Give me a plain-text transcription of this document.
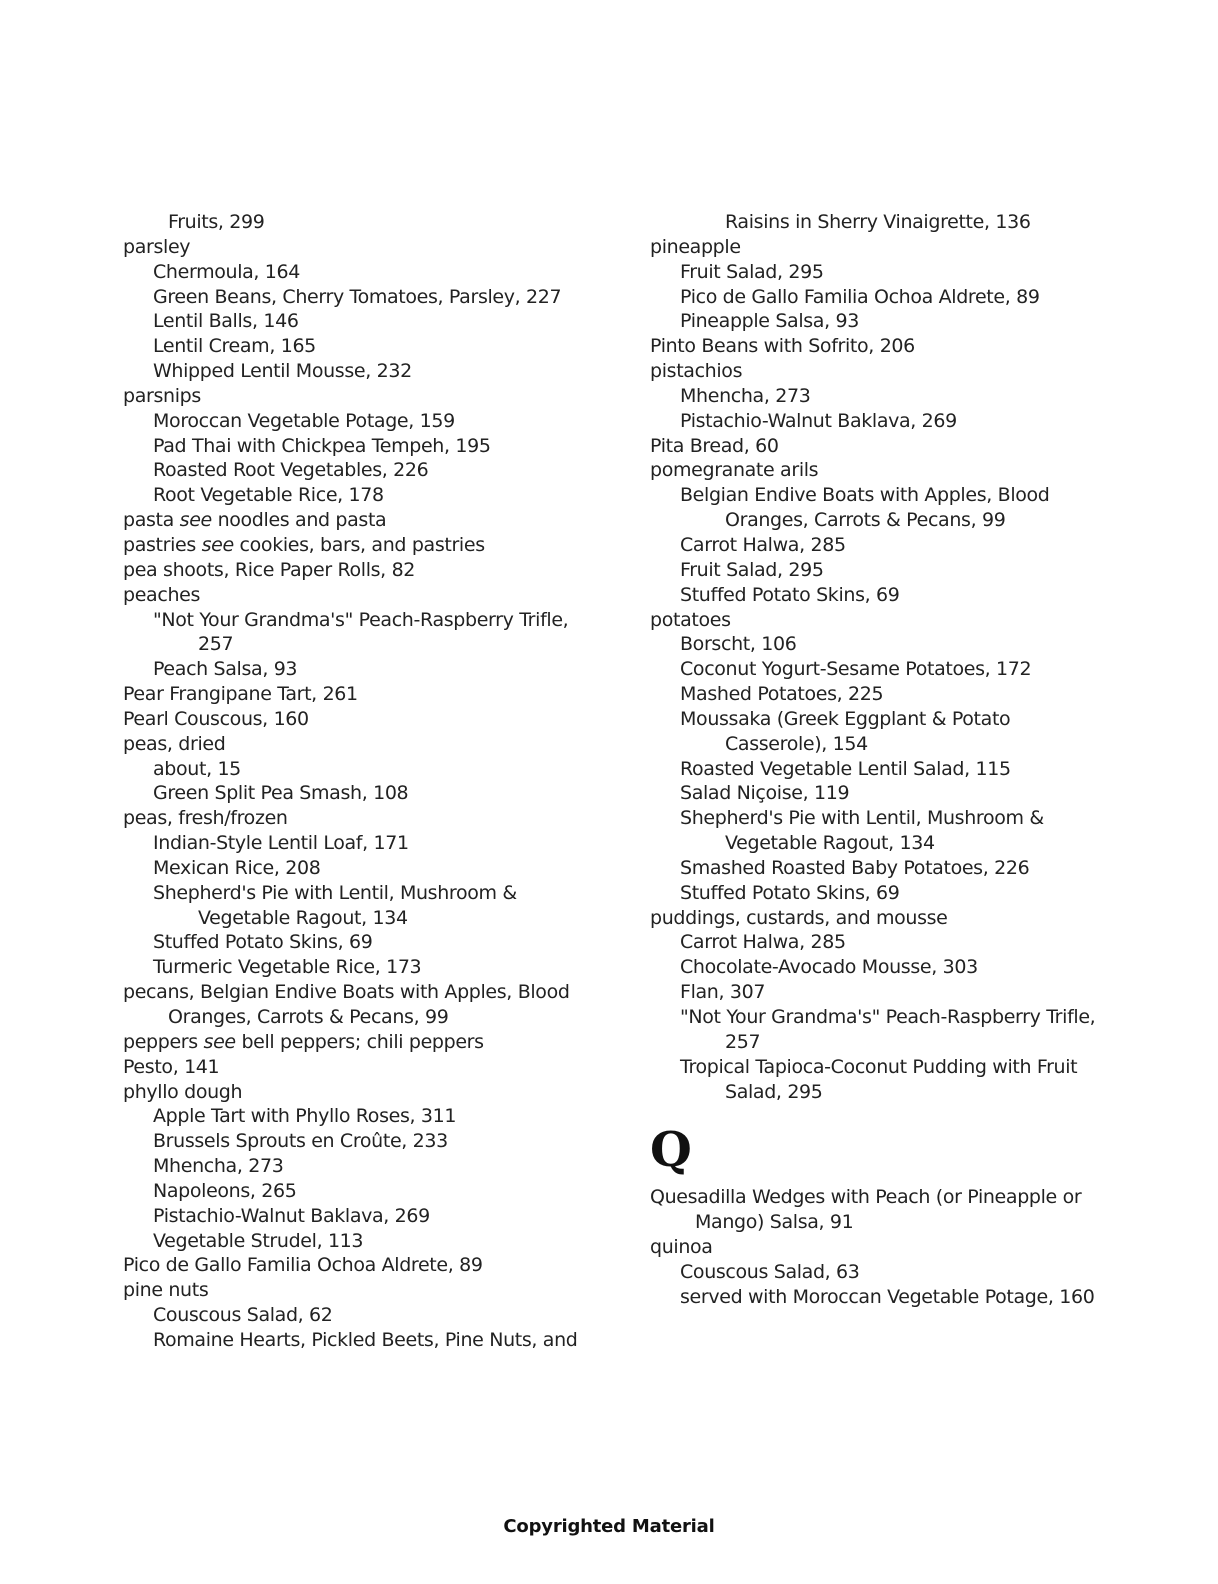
Fruits, 299
parsley
Chermoula, 164
Green Beans, Cherry Tomatoes, Parsley, 227
Lentil Balls, 146
Lentil Cream, 165
Whipped Lentil Mousse, 232
parsnips
Moroccan Vegetable Potage, 159
Pad Thai with Chickpea Tempeh, 195
Roasted Root Vegetables, 226
Root Vegetable Rice, 178
pasta see noodles and pasta
pastries see cookies, bars, and pastries
pea shoots, Rice Paper Rolls, 82
peaches
"Not Your Grandma's" Peach-Raspberry Trifle,
257
Peach Salsa, 93
Pear Frangipane Tart, 261
Pearl Couscous, 160
peas, dried
about, 15
Green Split Pea Smash, 108
peas, fresh/frozen
Indian-Style Lentil Loaf, 171
Mexican Rice, 208
Shepherd's Pie with Lentil, Mushroom &
Vegetable Ragout, 134
Stuffed Potato Skins, 69
Turmeric Vegetable Rice, 173
pecans, Belgian Endive Boats with Apples, Blood
Oranges, Carrots & Pecans, 99
peppers see bell peppers; chili peppers
Pesto, 141
phyllo dough
Apple Tart with Phyllo Roses, 311
Brussels Sprouts en Croûte, 233
Mhencha, 273
Napoleons, 265
Pistachio-Walnut Baklava, 269
Vegetable Strudel, 113
Pico de Gallo Familia Ochoa Aldrete, 89
pine nuts
Couscous Salad, 62
Romaine Hearts, Pickled Beets, Pine Nuts, and
Raisins in Sherry Vinaigrette, 136
pineapple
Fruit Salad, 295
Pico de Gallo Familia Ochoa Aldrete, 89
Pineapple Salsa, 93
Pinto Beans with Sofrito, 206
pistachios
Mhencha, 273
Pistachio-Walnut Baklava, 269
Pita Bread, 60
pomegranate arils
Belgian Endive Boats with Apples, Blood
Oranges, Carrots & Pecans, 99
Carrot Halwa, 285
Fruit Salad, 295
Stuffed Potato Skins, 69
potatoes
Borscht, 106
Coconut Yogurt-Sesame Potatoes, 172
Mashed Potatoes, 225
Moussaka (Greek Eggplant & Potato
Casserole), 154
Roasted Vegetable Lentil Salad, 115
Salad Niçoise, 119
Shepherd's Pie with Lentil, Mushroom &
Vegetable Ragout, 134
Smashed Roasted Baby Potatoes, 226
Stuffed Potato Skins, 69
puddings, custards, and mousse
Carrot Halwa, 285
Chocolate-Avocado Mousse, 303
Flan, 307
"Not Your Grandma's" Peach-Raspberry Trifle,
257
Tropical Tapioca-Coconut Pudding with Fruit
Salad, 295
Q
Quesadilla Wedges with Peach (or Pineapple or
Mango) Salsa, 91
quinoa
Couscous Salad, 63
served with Moroccan Vegetable Potage, 160
Copyrighted Material
